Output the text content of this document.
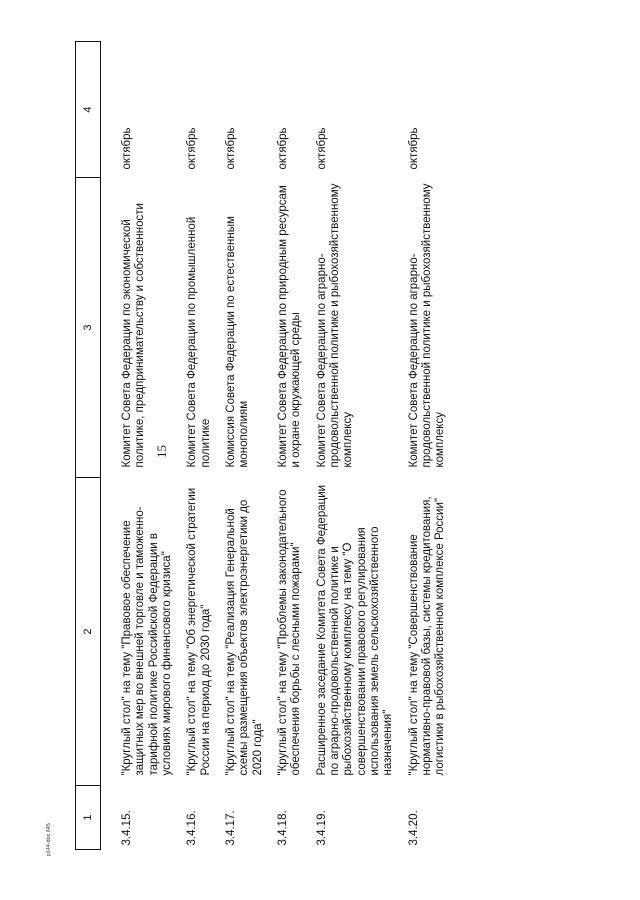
15
1	2	3	4
3.4.15.	"Круглый стол" на тему "Правовое обеспечение защитных мер во внешней торговле и таможенно-тарифной политике Российской Федерации в условиях мирового финансового кризиса"	Комитет Совета Федерации по экономической политике, предпринимательству и собственности	октябрь
3.4.16.	"Круглый стол" на тему "Об энергетической стратегии России на период до 2030 года"	Комитет Совета Федерации по промышленной политике	октябрь
3.4.17.	"Круглый стол" на тему "Реализация Генеральной схемы размещения объектов электроэнергетики до 2020 года"	Комиссия Совета Федерации по естественным монополиям	октябрь
3.4.18.	"Круглый стол" на тему "Проблемы законодательного обеспечения борьбы с лесными пожарами"	Комитет Совета Федерации по природным ресурсам и охране окружающей среды	октябрь
3.4.19.	Расширенное заседание Комитета Совета Федерации по аграрно-продовольственной политике и рыбохозяйственному комплексу на тему "О совершенствовании правового регулирования использования земель сельскохозяйственного назначения"	Комитет Совета Федерации по аграрно-продовольственной политике и рыбохозяйственному комплексу	октябрь
3.4.20.	"Круглый стол" на тему "Совершенствование нормативно-правовой базы, системы кредитования, логистики в рыбохозяйственном комплексе России"	Комитет Совета Федерации по аграрно-продовольственной политике и рыбохозяйственному комплексу	октябрь
p144-doc 645
